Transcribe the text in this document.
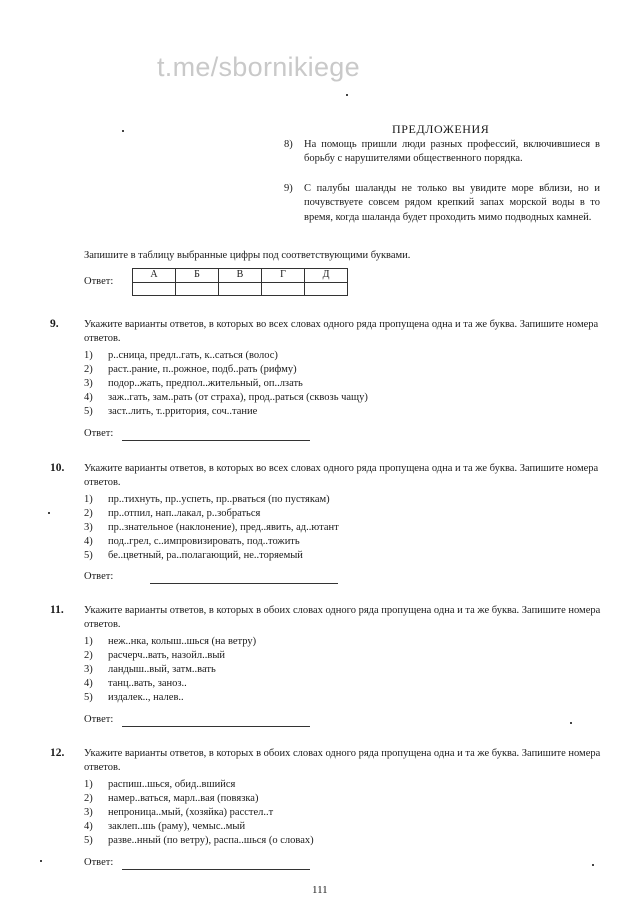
t.me/sbornikiege
ПРЕДЛОЖЕНИЯ
8) На помощь пришли люди разных профессий, включившиеся в борьбу с нарушителями общественного порядка.
9) С палубы шаланды не только вы увидите море вблизи, но и почувствуете совсем рядом крепкий запах морской воды в то время, когда шаланда будет проходить мимо подводных камней.
Запишите в таблицу выбранные цифры под соответствующими буквами.
Ответ:
А	Б	В	Г	Д
9. Укажите варианты ответов, в которых во всех словах одного ряда пропущена одна и та же буква. Запишите номера ответов.
1) р..сница, предл..гать, к..саться (волос)
2) раст..рание, п..рожное, подб..рать (рифму)
3) подор..жать, предпол..жительный, оп..лзать
4) заж..гать, зам..рать (от страха), прод..раться (сквозь чащу)
5) заст..лить, т..рритория, соч..тание
Ответ:
10. Укажите варианты ответов, в которых во всех словах одного ряда пропущена одна и та же буква. Запишите номера ответов.
1) пр..тихнуть, пр..успеть, пр..рваться (по пустякам)
2) пр..отпил, нап..лакал, р..зобраться
3) пр..знательное (наклонение), пред..явить, ад..ютант
4) под..грел, с..импровизировать, под..тожить
5) бе..цветный, ра..полагающий, не..торяемый
Ответ:
11. Укажите варианты ответов, в которых в обоих словах одного ряда пропущена одна и та же буква. Запишите номера ответов.
1) неж..нка, колыш..шься (на ветру)
2) расчерч..вать, назойл..вый
3) ландыш..вый, затм..вать
4) танц..вать, заноз..
5) издалек.., налев..
Ответ:
12. Укажите варианты ответов, в которых в обоих словах одного ряда пропущена одна и та же буква. Запишите номера ответов.
1) распиш..шься, обид..вшийся
2) намер..ваться, марл..вая (повязка)
3) непроница..мый, (хозяйка) расстел..т
4) заклеп..шь (раму), чемыс..мый
5) разве..нный (по ветру), распа..шься (о словах)
Ответ:
111
